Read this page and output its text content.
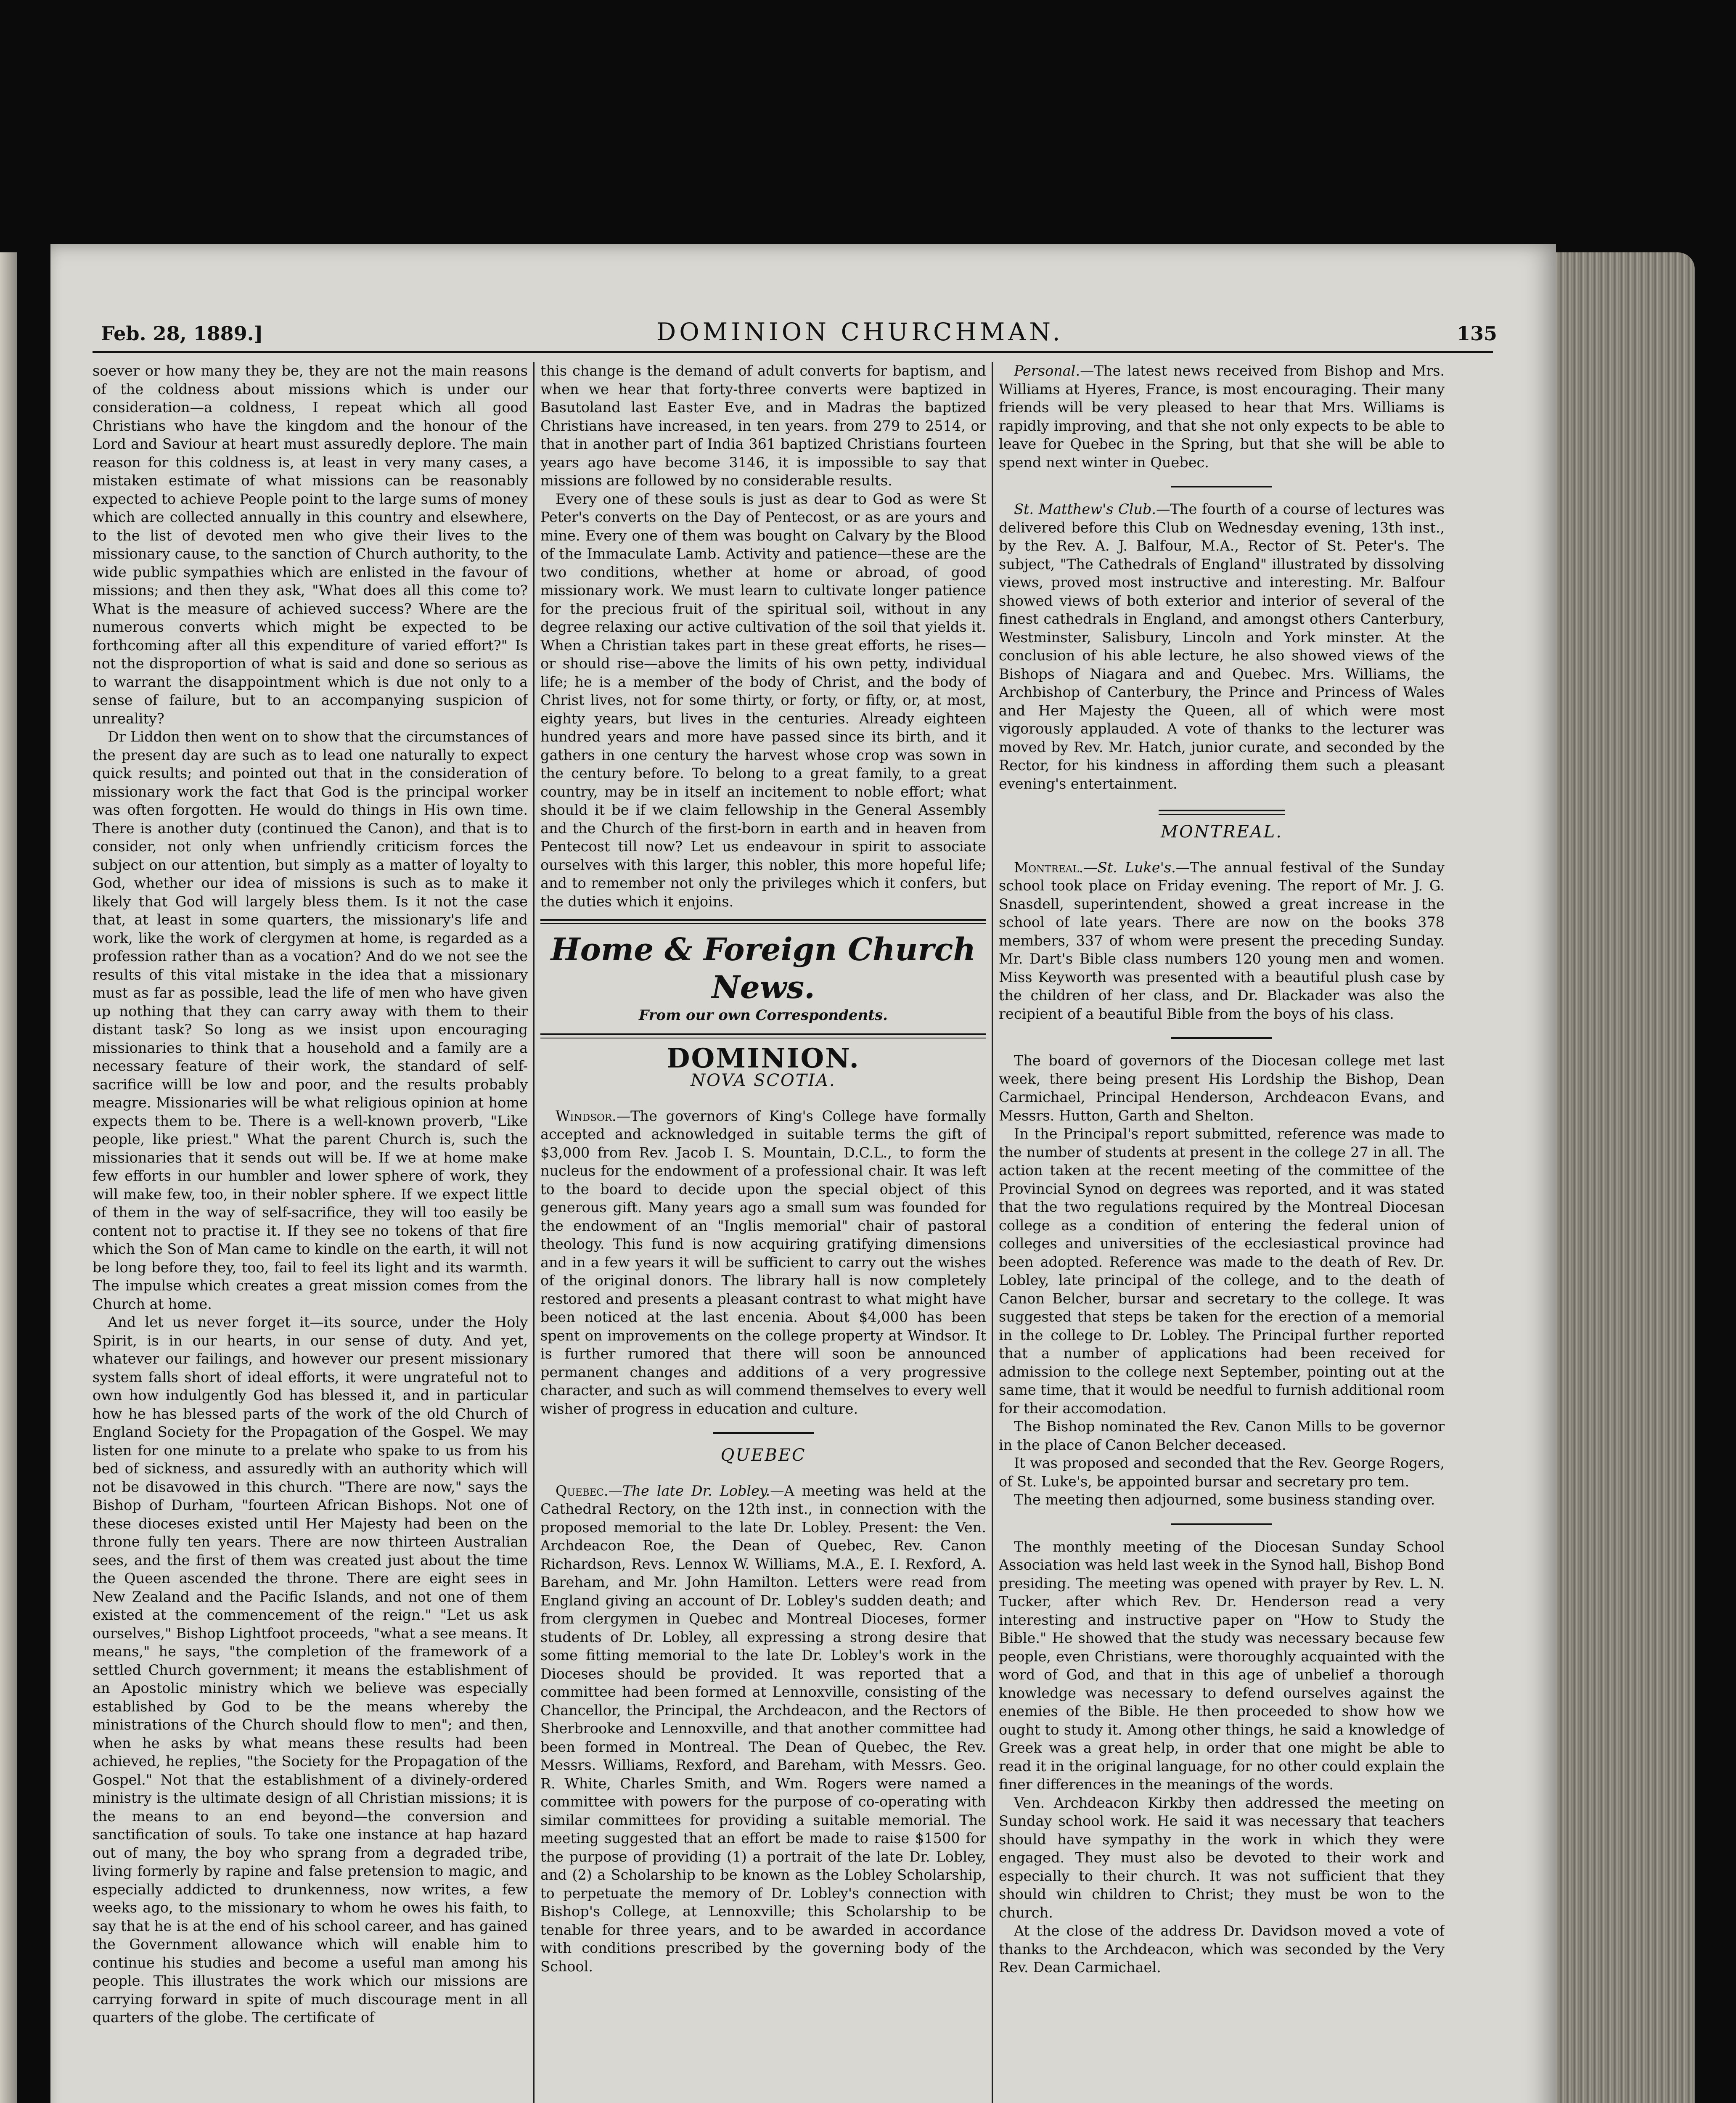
Feb. 28, 1889.]	DOMINION CHURCHMAN.	135

soever or how many they be, they are not the main reasons of the coldness about missions which is under our consideration—a coldness, I repeat which all good Christians who have the kingdom and the honour of the Lord and Saviour at heart must assuredly deplore. The main reason for this coldness is, at least in very many cases, a mistaken estimate of what missions can be reasonably expected to achieve People point to the large sums of money which are collected annually in this country and elsewhere, to the list of devoted men who give their lives to the missionary cause, to the sanction of Church authority, to the wide public sympathies which are enlisted in the favour of missions; and then they ask, "What does all this come to? What is the measure of achieved success? Where are the numerous converts which might be expected to be forthcoming after all this expenditure of varied effort?" Is not the disproportion of what is said and done so serious as to warrant the disappointment which is due not only to a sense of failure, but to an accompanying suspicion of unreality?

Dr Liddon then went on to show that the circumstances of the present day are such as to lead one naturally to expect quick results; and pointed out that in the consideration of missionary work the fact that God is the principal worker was often forgotten. He would do things in His own time. There is another duty (continued the Canon), and that is to consider, not only when unfriendly criticism forces the subject on our attention, but simply as a matter of loyalty to God, whether our idea of missions is such as to make it likely that God will largely bless them. Is it not the case that, at least in some quarters, the missionary's life and work, like the work of clergymen at home, is regarded as a profession rather than as a vocation? And do we not see the results of this vital mistake in the idea that a missionary must as far as possible, lead the life of men who have given up nothing that they can carry away with them to their distant task? So long as we insist upon encouraging missionaries to think that a household and a family are a necessary feature of their work, the standard of self-sacrifice willl be low and poor, and the results probably meagre. Missionaries will be what religious opinion at home expects them to be. There is a well-known proverb, "Like people, like priest." What the parent Church is, such the missionaries that it sends out will be. If we at home make few efforts in our humbler and lower sphere of work, they will make few, too, in their nobler sphere. If we expect little of them in the way of self-sacrifice, they will too easily be content not to practise it. If they see no tokens of that fire which the Son of Man came to kindle on the earth, it will not be long before they, too, fail to feel its light and its warmth. The impulse which creates a great mission comes from the Church at home.

And let us never forget it—its source, under the Holy Spirit, is in our hearts, in our sense of duty. And yet, whatever our failings, and however our present missionary system falls short of ideal efforts, it were ungrateful not to own how indulgently God has blessed it, and in particular how he has blessed parts of the work of the old Church of England Society for the Propagation of the Gospel. We may listen for one minute to a prelate who spake to us from his bed of sickness, and assuredly with an authority which will not be disavowed in this church. "There are now," says the Bishop of Durham, "fourteen African Bishops. Not one of these dioceses existed until Her Majesty had been on the throne fully ten years. There are now thirteen Australian sees, and the first of them was created just about the time the Queen ascended the throne. There are eight sees in New Zealand and the Pacific Islands, and not one of them existed at the commencement of the reign." "Let us ask ourselves," Bishop Lightfoot proceeds, "what a see means. It means," he says, "the completion of the framework of a settled Church government; it means the establishment of an Apostolic ministry which we believe was especially established by God to be the means whereby the ministrations of the Church should flow to men"; and then, when he asks by what means these results had been achieved, he replies, "the Society for the Propagation of the Gospel." Not that the establishment of a divinely-ordered ministry is the ultimate design of all Christian missions; it is the means to an end beyond—the conversion and sanctification of souls. To take one instance at hap hazard out of many, the boy who sprang from a degraded tribe, living formerly by rapine and false pretension to magic, and especially addicted to drunkenness, now writes, a few weeks ago, to the missionary to whom he owes his faith, to say that he is at the end of his school career, and has gained the Government allowance which will enable him to continue his studies and become a useful man among his people. This illustrates the work which our missions are carrying forward in spite of much discourage ment in all quarters of the globe. The certificate of

this change is the demand of adult converts for baptism, and when we hear that forty-three converts were baptized in Basutoland last Easter Eve, and in Madras the baptized Christians have increased, in ten years. from 279 to 2514, or that in another part of India 361 baptized Christians fourteen years ago have become 3146, it is impossible to say that missions are followed by no considerable results.

Every one of these souls is just as dear to God as were St Peter's converts on the Day of Pentecost, or as are yours and mine. Every one of them was bought on Calvary by the Blood of the Immaculate Lamb. Activity and patience—these are the two conditions, whether at home or abroad, of good missionary work. We must learn to cultivate longer patience for the precious fruit of the spiritual soil, without in any degree relaxing our active cultivation of the soil that yields it. When a Christian takes part in these great efforts, he rises—or should rise—above the limits of his own petty, individual life; he is a member of the body of Christ, and the body of Christ lives, not for some thirty, or forty, or fifty, or, at most, eighty years, but lives in the centuries. Already eighteen hundred years and more have passed since its birth, and it gathers in one century the harvest whose crop was sown in the century before. To belong to a great family, to a great country, may be in itself an incitement to noble effort; what should it be if we claim fellowship in the General Assembly and the Church of the first-born in earth and in heaven from Pentecost till now? Let us endeavour in spirit to associate ourselves with this larger, this nobler, this more hopeful life; and to remember not only the privileges which it confers, but the duties which it enjoins.

Home & Foreign Church News.
From our own Correspondents.
DOMINION.
NOVA SCOTIA.

Windsor.—The governors of King's College have formally accepted and acknowledged in suitable terms the gift of $3,000 from Rev. Jacob I. S. Mountain, D.C.L., to form the nucleus for the endowment of a professional chair. It was left to the board to decide upon the special object of this generous gift. Many years ago a small sum was founded for the endowment of an "Inglis memorial" chair of pastoral theology. This fund is now acquiring gratifying dimensions and in a few years it will be sufficient to carry out the wishes of the original donors. The library hall is now completely restored and presents a pleasant contrast to what might have been noticed at the last encenia. About $4,000 has been spent on improvements on the college property at Windsor. It is further rumored that there will soon be announced permanent changes and additions of a very progressive character, and such as will commend themselves to every well wisher of progress in education and culture.

QUEBEC

Quebec.—The late Dr. Lobley.—A meeting was held at the Cathedral Rectory, on the 12th inst., in connection with the proposed memorial to the late Dr. Lobley. Present: the Ven. Archdeacon Roe, the Dean of Quebec, Rev. Canon Richardson, Revs. Lennox W. Williams, M.A., E. I. Rexford, A. Bareham, and Mr. John Hamilton. Letters were read from England giving an account of Dr. Lobley's sudden death; and from clergymen in Quebec and Montreal Dioceses, former students of Dr. Lobley, all expressing a strong desire that some fitting memorial to the late Dr. Lobley's work in the Dioceses should be provided. It was reported that a committee had been formed at Lennoxville, consisting of the Chancellor, the Principal, the Archdeacon, and the Rectors of Sherbrooke and Lennoxville, and that another committee had been formed in Montreal. The Dean of Quebec, the Rev. Messrs. Williams, Rexford, and Bareham, with Messrs. Geo. R. White, Charles Smith, and Wm. Rogers were named a committee with powers for the purpose of co-operating with similar committees for providing a suitable memorial. The meeting suggested that an effort be made to raise $1500 for the purpose of providing (1) a portrait of the late Dr. Lobley, and (2) a Scholarship to be known as the Lobley Scholarship, to perpetuate the memory of Dr. Lobley's connection with Bishop's College, at Lennoxville; this Scholarship to be tenable for three years, and to be awarded in accordance with conditions prescribed by the governing body of the School.

Personal.—The latest news received from Bishop and Mrs. Williams at Hyeres, France, is most encouraging. Their many friends will be very pleased to hear that Mrs. Williams is rapidly improving, and that she not only expects to be able to leave for Quebec in the Spring, but that she will be able to spend next winter in Quebec.

St. Matthew's Club.—The fourth of a course of lectures was delivered before this Club on Wednesday evening, 13th inst., by the Rev. A. J. Balfour, M.A., Rector of St. Peter's. The subject, "The Cathedrals of England" illustrated by dissolving views, proved most instructive and interesting. Mr. Balfour showed views of both exterior and interior of several of the finest cathedrals in England, and amongst others Canterbury, Westminster, Salisbury, Lincoln and York minster. At the conclusion of his able lecture, he also showed views of the Bishops of Niagara and and Quebec. Mrs. Williams, the Archbishop of Canterbury, the Prince and Princess of Wales and Her Majesty the Queen, all of which were most vigorously applauded. A vote of thanks to the lecturer was moved by Rev. Mr. Hatch, junior curate, and seconded by the Rector, for his kindness in affording them such a pleasant evening's entertainment.

MONTREAL.

Montreal.—St. Luke's.—The annual festival of the Sunday school took place on Friday evening. The report of Mr. J. G. Snasdell, superintendent, showed a great increase in the school of late years. There are now on the books 378 members, 337 of whom were present the preceding Sunday. Mr. Dart's Bible class numbers 120 young men and women. Miss Keyworth was presented with a beautiful plush case by the children of her class, and Dr. Blackader was also the recipient of a beautiful Bible from the boys of his class.

The board of governors of the Diocesan college met last week, there being present His Lordship the Bishop, Dean Carmichael, Principal Henderson, Archdeacon Evans, and Messrs. Hutton, Garth and Shelton.

In the Principal's report submitted, reference was made to the number of students at present in the college 27 in all. The action taken at the recent meeting of the committee of the Provincial Synod on degrees was reported, and it was stated that the two regulations required by the Montreal Diocesan college as a condition of entering the federal union of colleges and universities of the ecclesiastical province had been adopted. Reference was made to the death of Rev. Dr. Lobley, late principal of the college, and to the death of Canon Belcher, bursar and secretary to the college. It was suggested that steps be taken for the erection of a memorial in the college to Dr. Lobley. The Principal further reported that a number of applications had been received for admission to the college next September, pointing out at the same time, that it would be needful to furnish additional room for their accomodation.

The Bishop nominated the Rev. Canon Mills to be governor in the place of Canon Belcher deceased.

It was proposed and seconded that the Rev. George Rogers, of St. Luke's, be appointed bursar and secretary pro tem.

The meeting then adjourned, some business standing over.

The monthly meeting of the Diocesan Sunday School Association was held last week in the Synod hall, Bishop Bond presiding. The meeting was opened with prayer by Rev. L. N. Tucker, after which Rev. Dr. Henderson read a very interesting and instructive paper on "How to Study the Bible." He showed that the study was necessary because few people, even Christians, were thoroughly acquainted with the word of God, and that in this age of unbelief a thorough knowledge was necessary to defend ourselves against the enemies of the Bible. He then proceeded to show how we ought to study it. Among other things, he said a knowledge of Greek was a great help, in order that one might be able to read it in the original language, for no other could explain the finer differences in the meanings of the words.

Ven. Archdeacon Kirkby then addressed the meeting on Sunday school work. He said it was necessary that teachers should have sympathy in the work in which they were engaged. They must also be devoted to their work and especially to their church. It was not sufficient that they should win children to Christ; they must be won to the church.

At the close of the address Dr. Davidson moved a vote of thanks to the Archdeacon, which was seconded by the Very Rev. Dean Carmichael.
